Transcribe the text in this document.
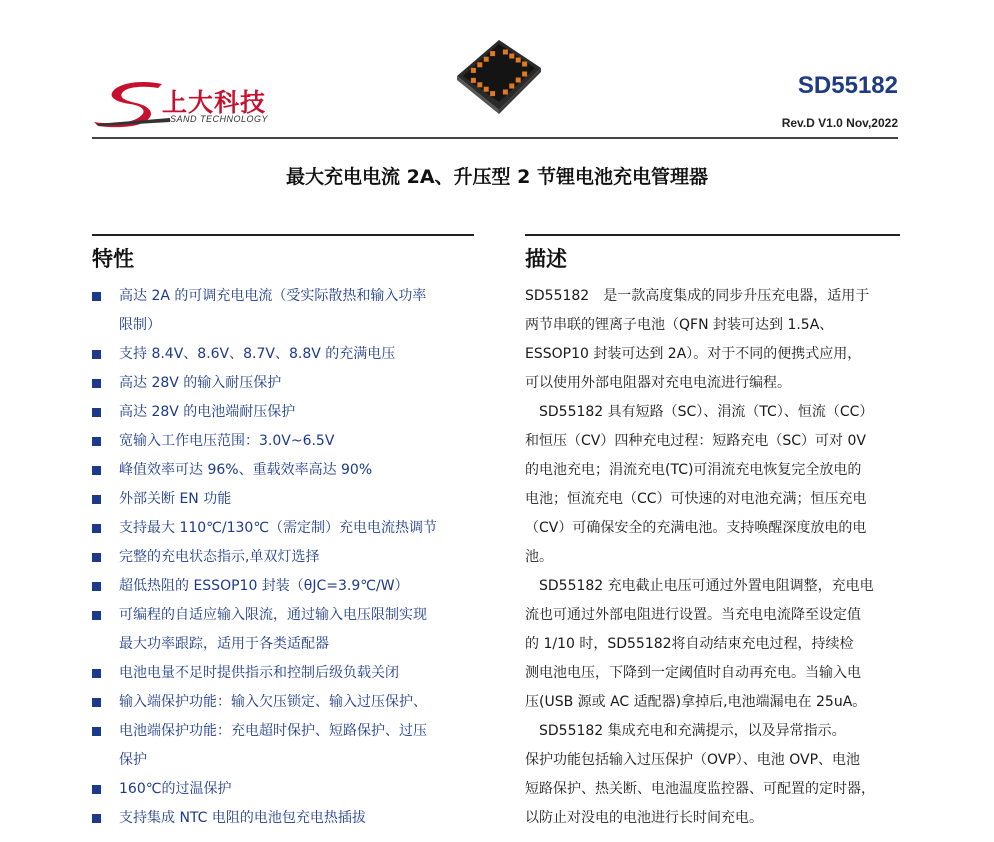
上大科技
SAND TECHNOLOGY
SD55182
Rev.D V1.0 Nov,2022
最大充电电流 2A、升压型 2 节锂电池充电管理器
特性	描述
高达 2A 的可调充电电流（受实际散热和输入功率
限制）
支持 8.4V、8.6V、8.7V、8.8V 的充满电压
高达 28V 的输入耐压保护
高达 28V 的电池端耐压保护
宽输入工作电压范围：3.0V~6.5V
峰值效率可达 96%、重载效率高达 90%
外部关断 EN 功能
支持最大 110℃/130℃（需定制）充电电流热调节
完整的充电状态指示,单双灯选择
超低热阻的 ESSOP10 封装（θJC=3.9℃/W）
可编程的自适应输入限流，通过输入电压限制实现
最大功率跟踪，适用于各类适配器
电池电量不足时提供指示和控制后级负载关闭
输入端保护功能：输入欠压锁定、输入过压保护、
电池端保护功能：充电超时保护、短路保护、过压
保护
160℃的过温保护
支持集成 NTC 电阻的电池包充电热插拔
SD55182　是一款高度集成的同步升压充电器，适用于
两节串联的锂离子电池（QFN 封装可达到 1.5A、
ESSOP10 封装可达到 2A）。对于不同的便携式应用，
可以使用外部电阻器对充电电流进行编程。
　SD55182 具有短路（SC）、涓流（TC）、恒流（CC）
和恒压（CV）四种充电过程：短路充电（SC）可对 0V
的电池充电；涓流充电(TC)可涓流充电恢复完全放电的
电池；恒流充电（CC）可快速的对电池充满；恒压充电
（CV）可确保安全的充满电池。支持唤醒深度放电的电
池。
　SD55182 充电截止电压可通过外置电阻调整，充电电
流也可通过外部电阻进行设置。当充电电流降至设定值
的 1/10 时，SD55182将自动结束充电过程，持续检
测电池电压，下降到一定阈值时自动再充电。当输入电
压(USB 源或 AC 适配器)拿掉后,电池端漏电在 25uA。
　SD55182 集成充电和充满提示，以及异常指示。
保护功能包括输入过压保护（OVP）、电池 OVP、电池
短路保护、热关断、电池温度监控器、可配置的定时器，
以防止对没电的电池进行长时间充电。
